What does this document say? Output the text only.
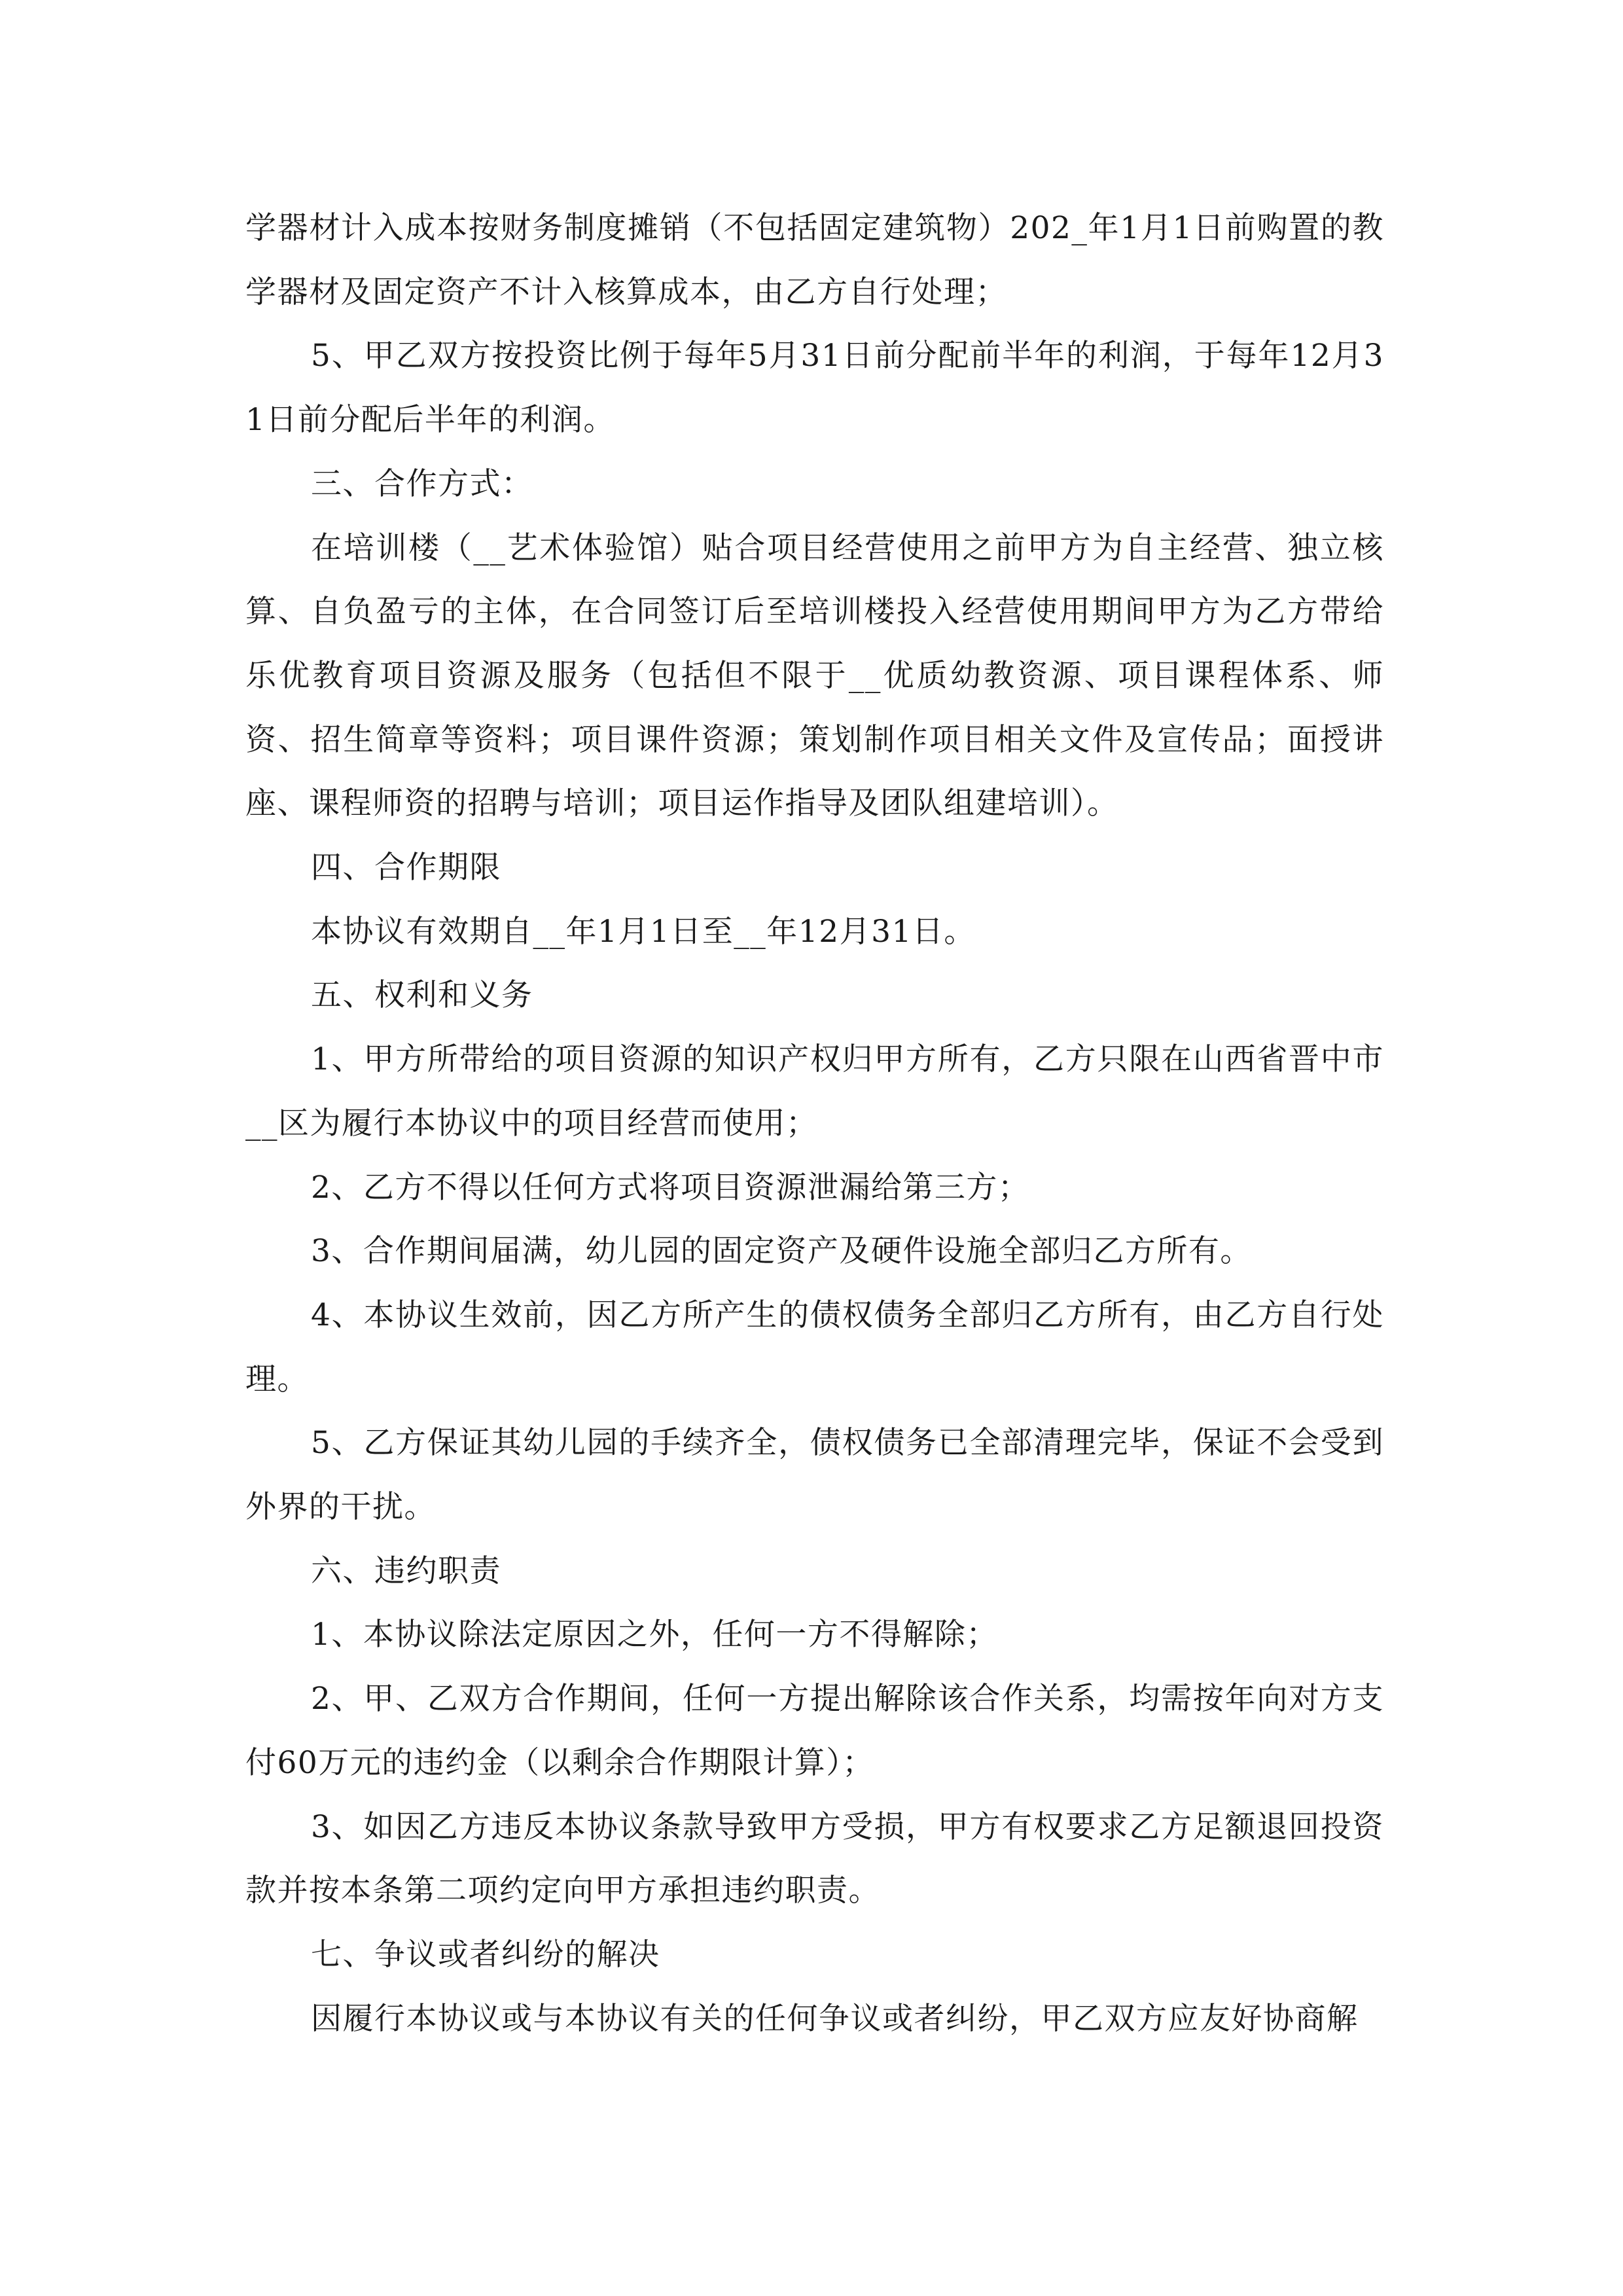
学器材计入成本按财务制度摊销（不包括固定建筑物）202_年1月1日前购置的教学器材及固定资产不计入核算成本，由乙方自行处理；

5、甲乙双方按投资比例于每年5月31日前分配前半年的利润，于每年12月31日前分配后半年的利润。

三、合作方式：

在培训楼（__艺术体验馆）贴合项目经营使用之前甲方为自主经营、独立核算、自负盈亏的主体，在合同签订后至培训楼投入经营使用期间甲方为乙方带给乐优教育项目资源及服务（包括但不限于__优质幼教资源、项目课程体系、师资、招生简章等资料；项目课件资源；策划制作项目相关文件及宣传品；面授讲座、课程师资的招聘与培训；项目运作指导及团队组建培训）。

四、合作期限

本协议有效期自__年1月1日至__年12月31日。

五、权利和义务

1、甲方所带给的项目资源的知识产权归甲方所有，乙方只限在山西省晋中市__区为履行本协议中的项目经营而使用；

2、乙方不得以任何方式将项目资源泄漏给第三方；

3、合作期间届满，幼儿园的固定资产及硬件设施全部归乙方所有。

4、本协议生效前，因乙方所产生的债权债务全部归乙方所有，由乙方自行处理。

5、乙方保证其幼儿园的手续齐全，债权债务已全部清理完毕，保证不会受到外界的干扰。

六、违约职责

1、本协议除法定原因之外，任何一方不得解除；

2、甲、乙双方合作期间，任何一方提出解除该合作关系，均需按年向对方支付60万元的违约金（以剩余合作期限计算）；

3、如因乙方违反本协议条款导致甲方受损，甲方有权要求乙方足额退回投资款并按本条第二项约定向甲方承担违约职责。

七、争议或者纠纷的解决

因履行本协议或与本协议有关的任何争议或者纠纷，甲乙双方应友好协商解
